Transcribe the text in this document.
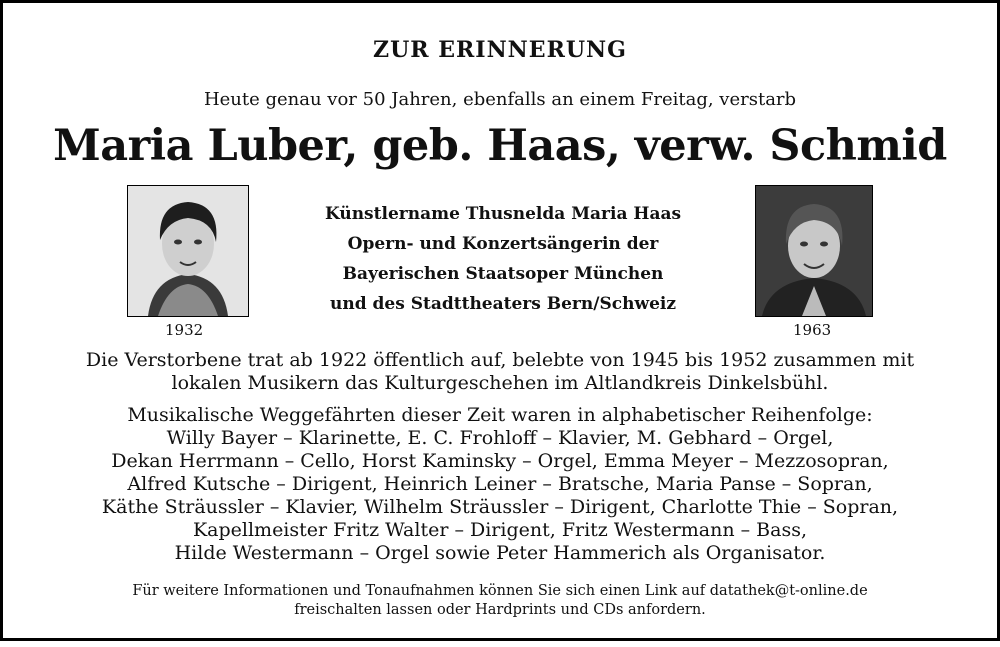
ZUR ERINNERUNG
Heute genau vor 50 Jahren, ebenfalls an einem Freitag, verstarb
Maria Luber, geb. Haas, verw. Schmid
1932
Künstlername Thusnelda Maria Haas
Opern- und Konzertsängerin der
Bayerischen Staatsoper München
und des Stadttheaters Bern/Schweiz
1963
Die Verstorbene trat ab 1922 öffentlich auf, belebte von 1945 bis 1952 zusammen mit
lokalen Musikern das Kulturgeschehen im Altlandkreis Dinkelsbühl.
Musikalische Weggefährten dieser Zeit waren in alphabetischer Reihenfolge:
Willy Bayer – Klarinette, E. C. Frohloff – Klavier, M. Gebhard – Orgel,
Dekan Herrmann – Cello, Horst Kaminsky – Orgel, Emma Meyer – Mezzosopran,
Alfred Kutsche – Dirigent, Heinrich Leiner – Bratsche, Maria Panse – Sopran,
Käthe Sträussler – Klavier, Wilhelm Sträussler – Dirigent, Charlotte Thie – Sopran,
Kapellmeister Fritz Walter – Dirigent, Fritz Westermann – Bass,
Hilde Westermann – Orgel sowie Peter Hammerich als Organisator.
Für weitere Informationen und Tonaufnahmen können Sie sich einen Link auf datathek@t-online.de
freischalten lassen oder Hardprints und CDs anfordern.
